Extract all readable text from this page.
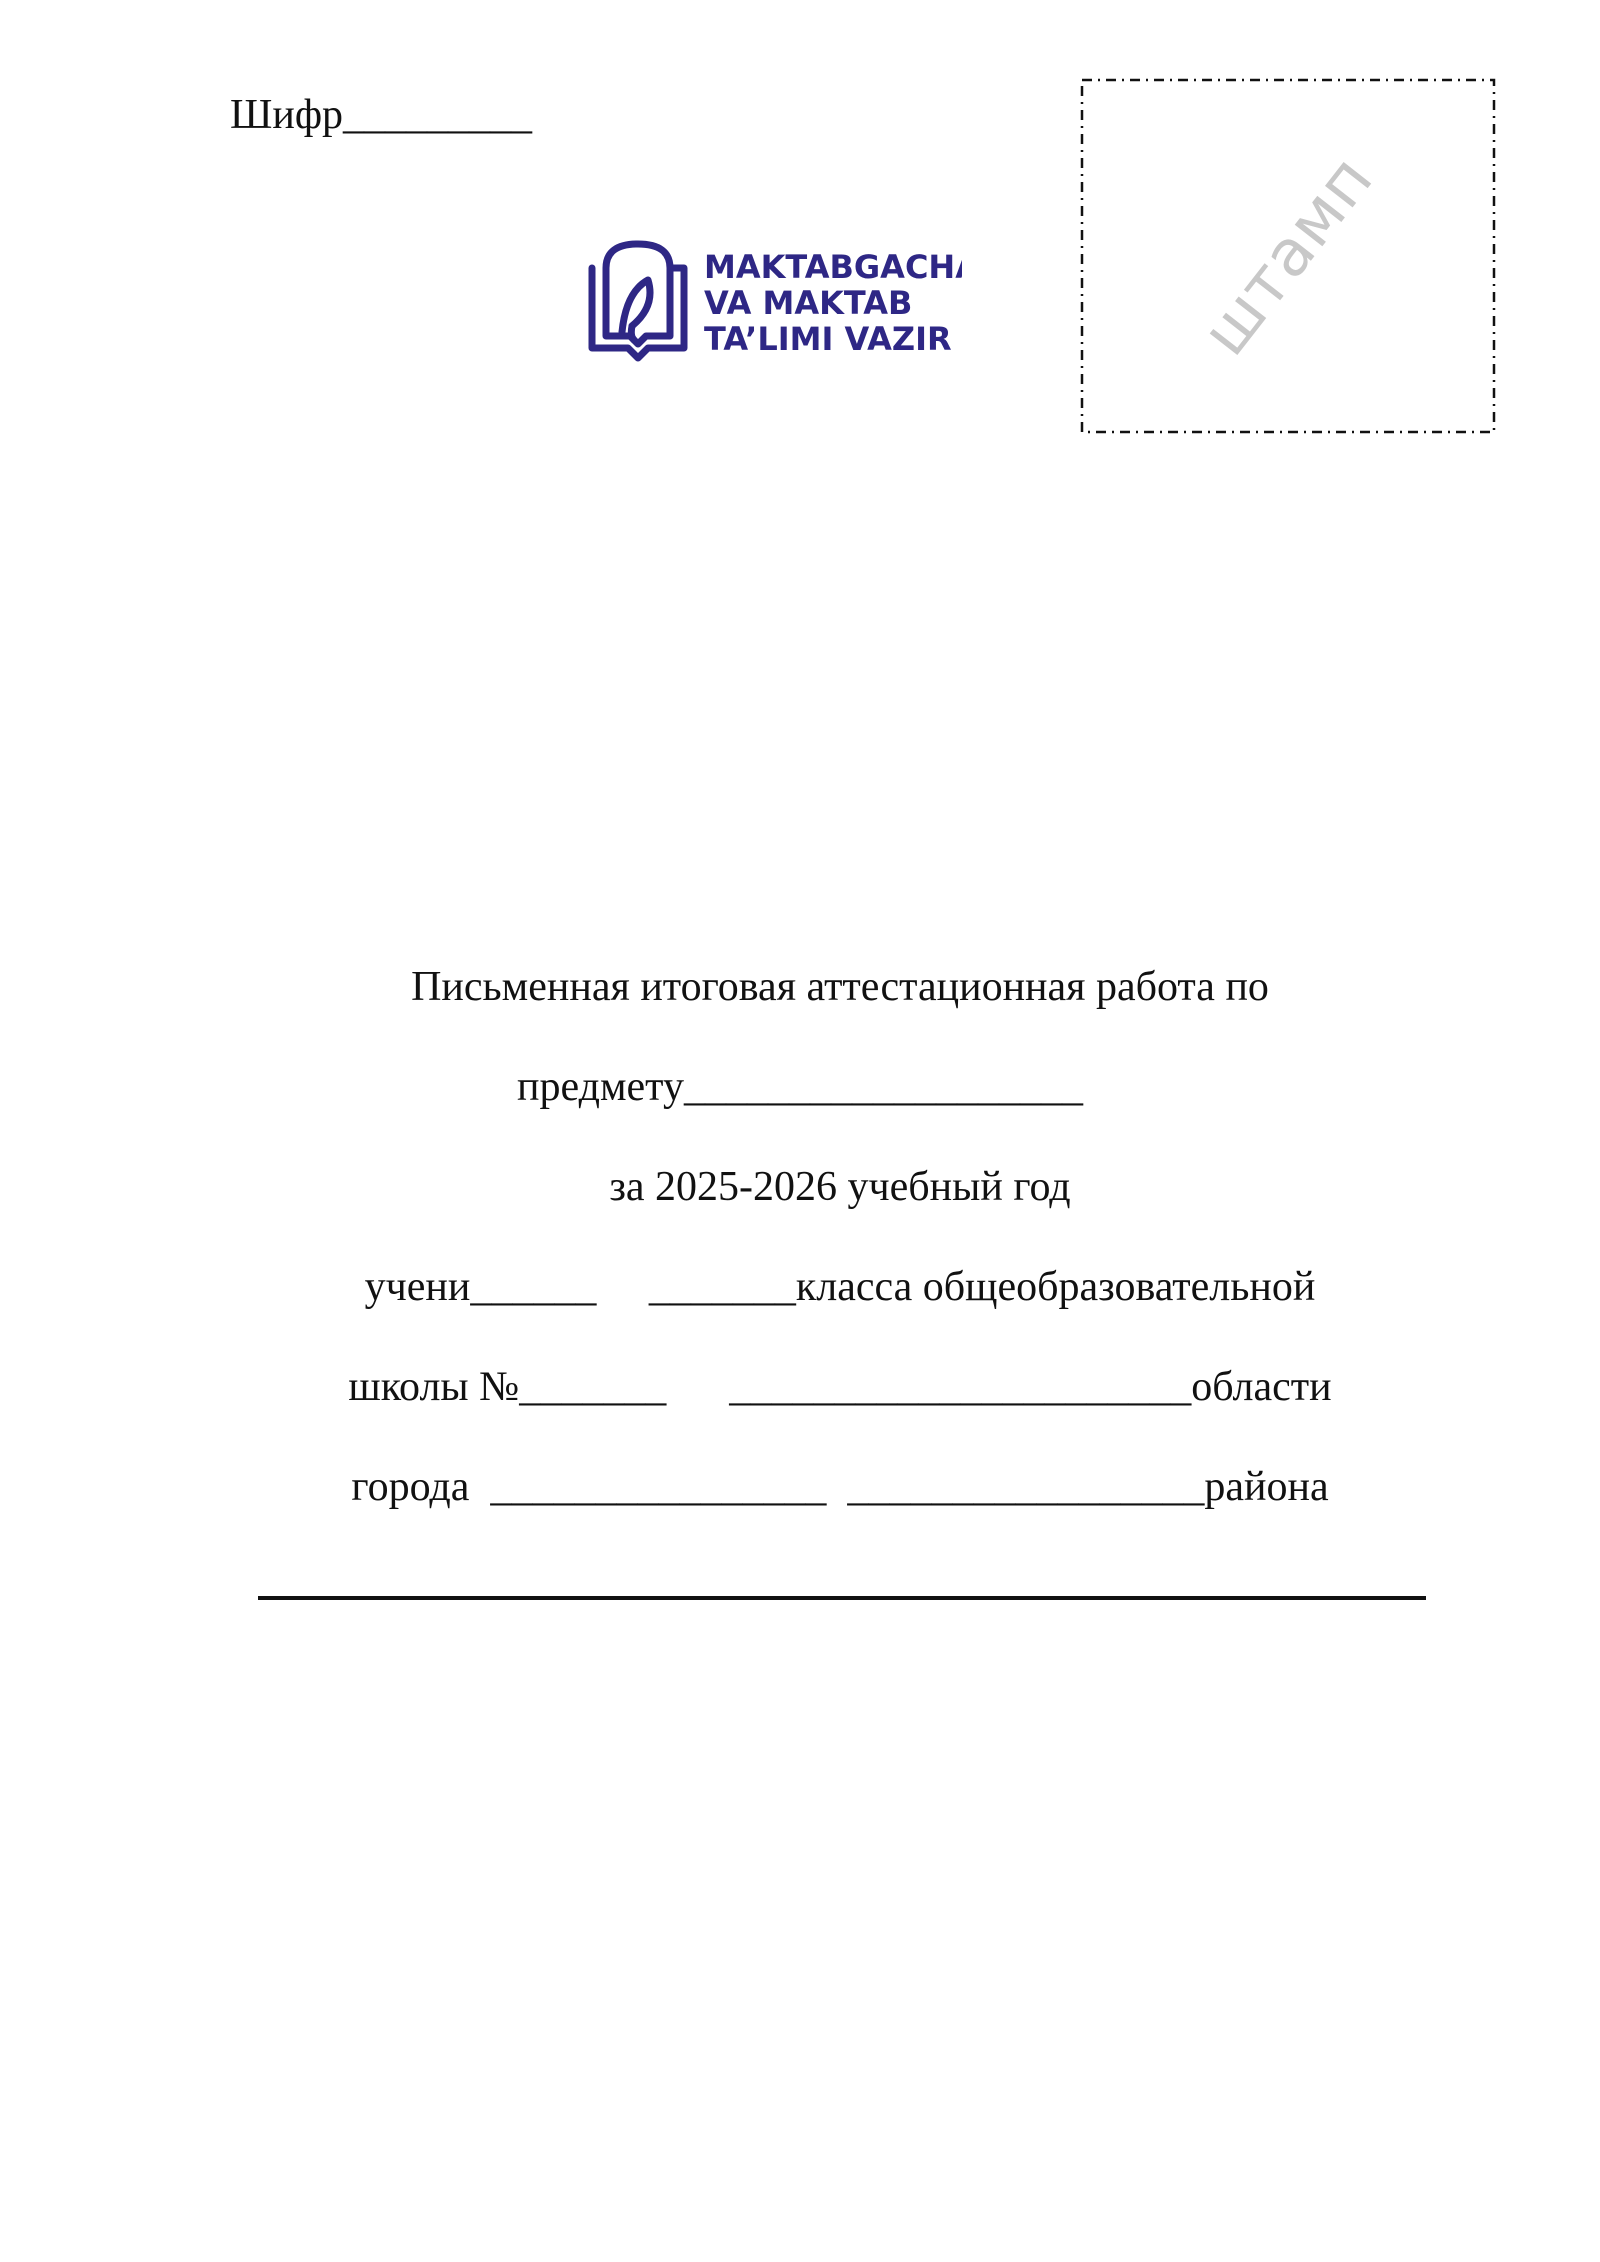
Шифр_________
MAKTABGACHA
VA MAKTAB
TA’LIMI VAZIR	штамп
Письменная итоговая аттестационная работа по
предмету___________________
за 2025-2026 учебный год
учени______     _______класса общеобразовательной
школы №_______      ______________________области
города  ________________  _________________района
